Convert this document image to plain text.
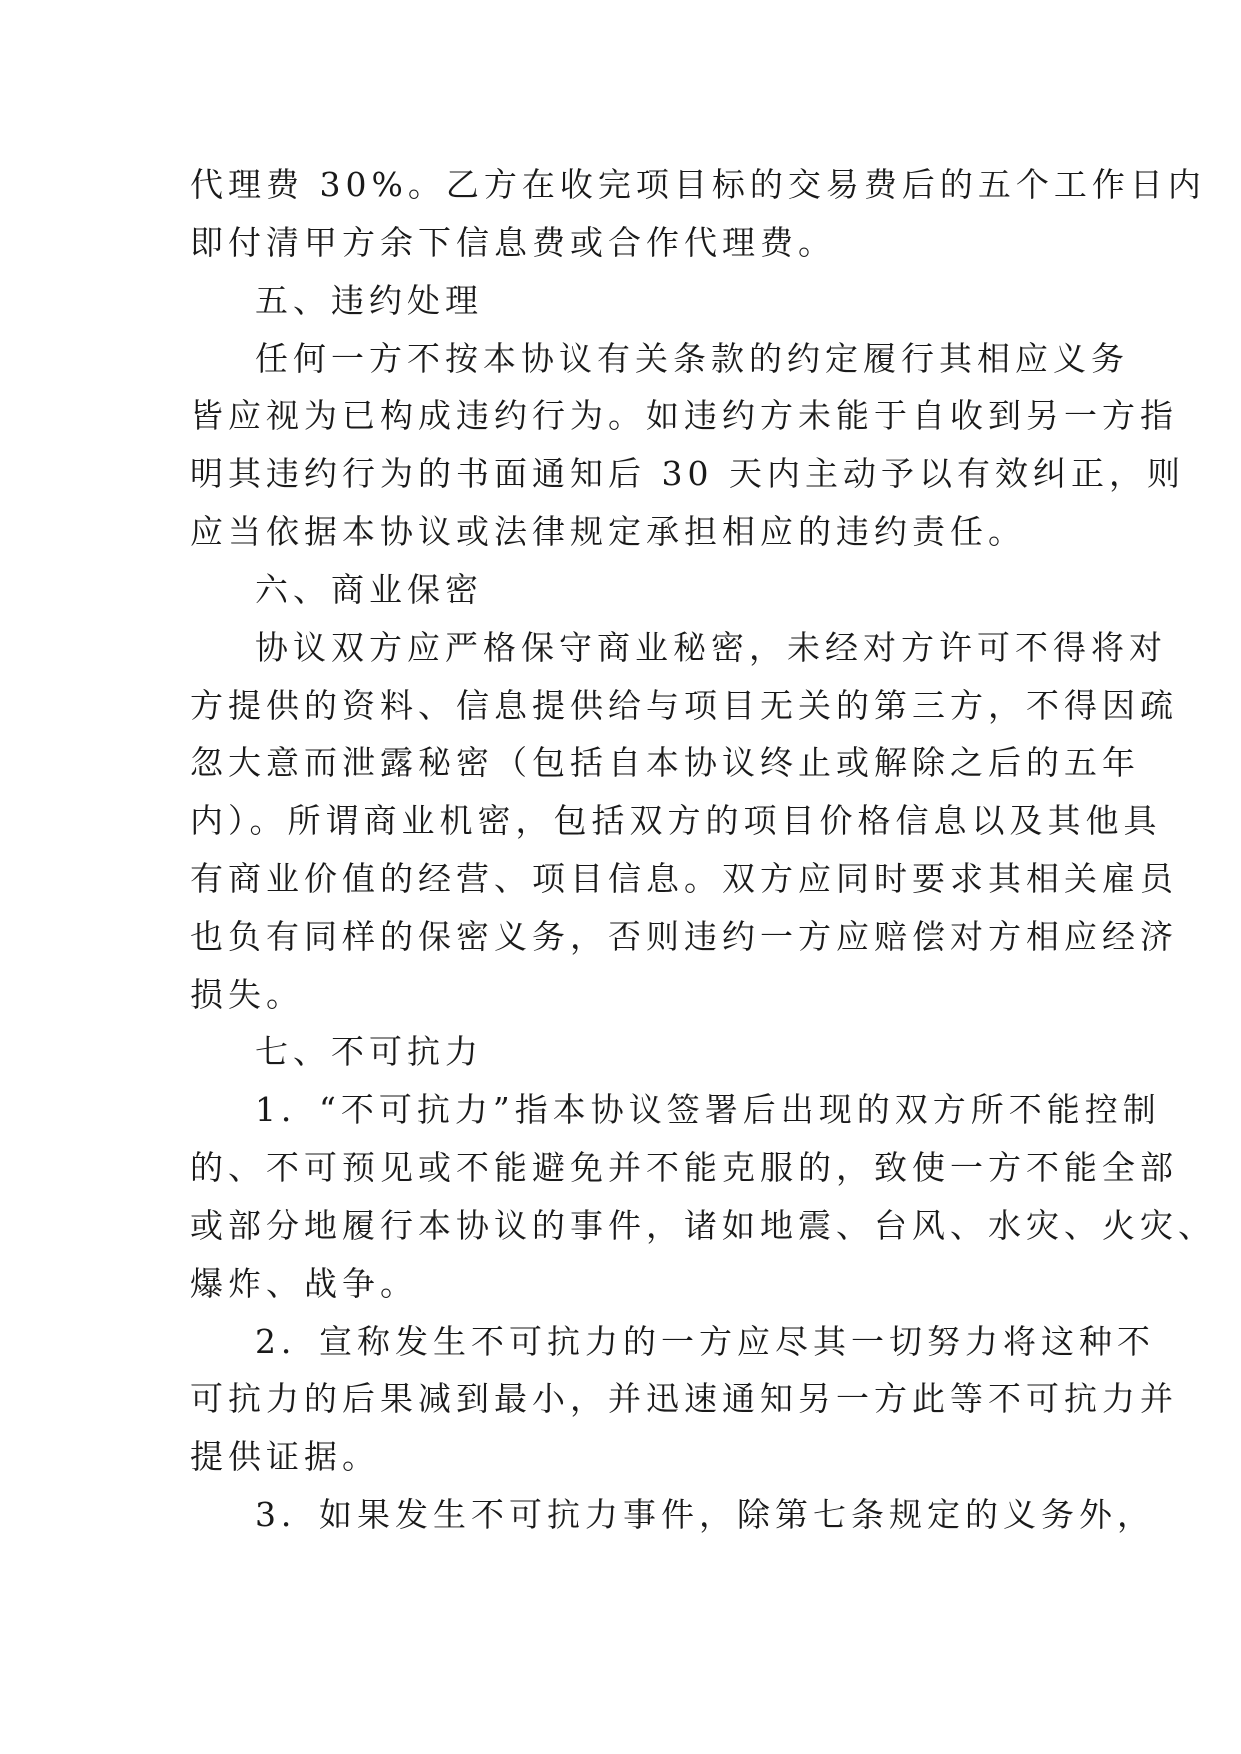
代理费 30%。乙方在收完项目标的交易费后的五个工作日内
即付清甲方余下信息费或合作代理费。
五、违约处理
任何一方不按本协议有关条款的约定履行其相应义务
皆应视为已构成违约行为。如违约方未能于自收到另一方指
明其违约行为的书面通知后 30 天内主动予以有效纠正，则
应当依据本协议或法律规定承担相应的违约责任。
六、商业保密
协议双方应严格保守商业秘密，未经对方许可不得将对
方提供的资料、信息提供给与项目无关的第三方，不得因疏
忽大意而泄露秘密（包括自本协议终止或解除之后的五年
内）。所谓商业机密，包括双方的项目价格信息以及其他具
有商业价值的经营、项目信息。双方应同时要求其相关雇员
也负有同样的保密义务，否则违约一方应赔偿对方相应经济
损失。
七、不可抗力
1．“不可抗力”指本协议签署后出现的双方所不能控制
的、不可预见或不能避免并不能克服的，致使一方不能全部
或部分地履行本协议的事件，诸如地震、台风、水灾、火灾、
爆炸、战争。
2．宣称发生不可抗力的一方应尽其一切努力将这种不
可抗力的后果减到最小，并迅速通知另一方此等不可抗力并
提供证据。
3．如果发生不可抗力事件，除第七条规定的义务外，
